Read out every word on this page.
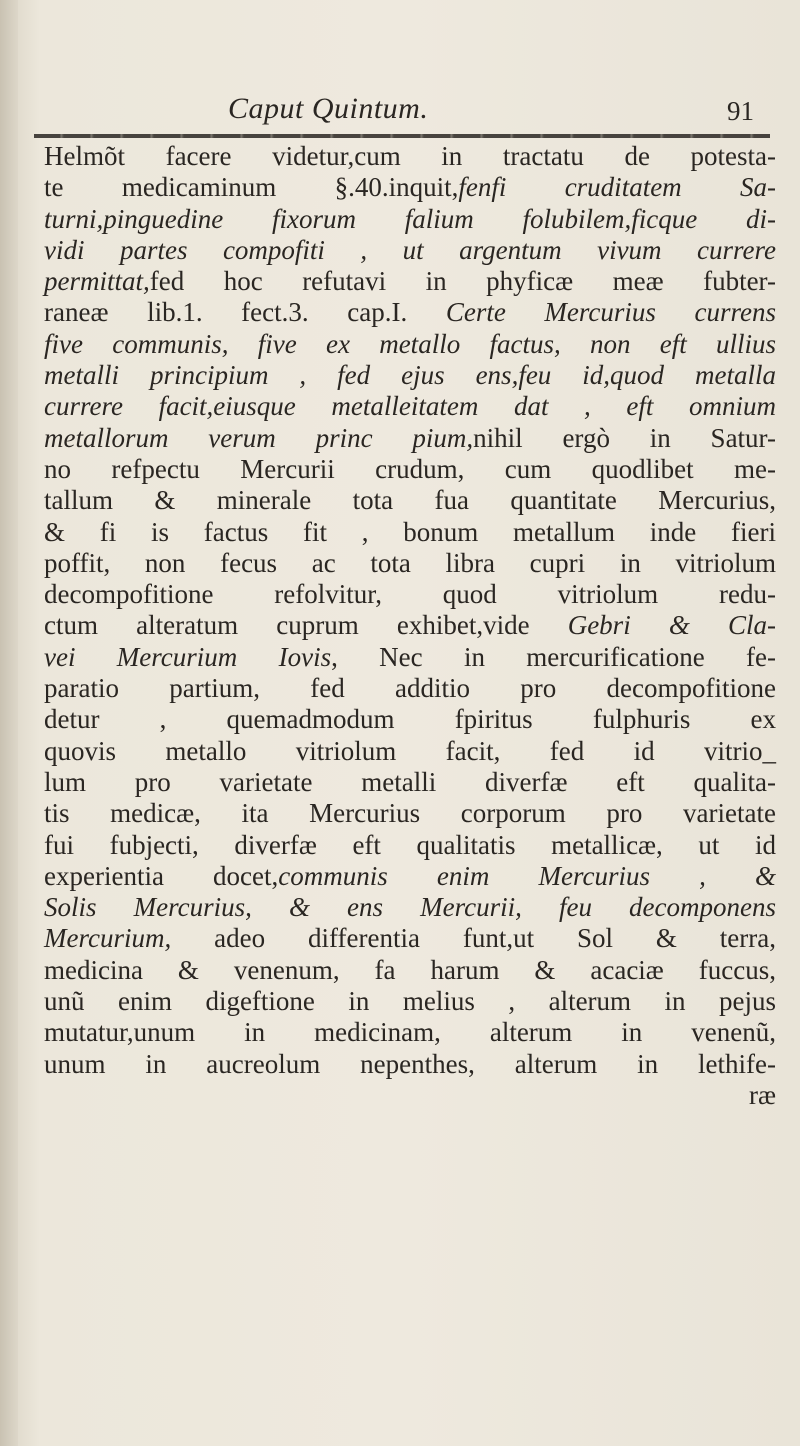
Caput Quintum.	91
Helmõt facere videtur,cum in tractatu de potesta-
te medicaminum §.40.inquit,fenfi cruditatem Sa-
turni,pinguedine fixorum falium folubilem,ficque di-
vidi partes compofiti , ut argentum vivum currere
permittat,fed hoc refutavi in phyficæ meæ fubter-
raneæ lib.1. fect.3. cap.I. Certe Mercurius currens
five communis, five ex metallo factus, non eft ullius
metalli principium , fed ejus ens,feu id,quod metalla
currere facit,eiusque metalleitatem dat , eft omnium
metallorum verum princ pium,nihil ergò in Satur-
no refpectu Mercurii crudum, cum quodlibet me-
tallum & minerale tota fua quantitate Mercurius,
& fi is factus fit , bonum metallum inde fieri
poffit, non fecus ac tota libra cupri in vitriolum
decompofitione refolvitur, quod vitriolum redu-
ctum alteratum cuprum exhibet,vide Gebri & Cla-
vei Mercurium Iovis, Nec in mercurificatione fe-
paratio partium, fed additio pro decompofitione
detur , quemadmodum fpiritus fulphuris ex
quovis metallo vitriolum facit, fed id vitrio_
lum pro varietate metalli diverfæ eft qualita-
tis medicæ, ita Mercurius corporum pro varietate
fui fubjecti, diverfæ eft qualitatis metallicæ, ut id
experientia docet,communis enim Mercurius , &
Solis Mercurius, & ens Mercurii, feu decomponens
Mercurium, adeo differentia funt,ut Sol & terra,
medicina & venenum, fa harum & acaciæ fuccus,
unũ enim digeftione in melius , alterum in pejus
mutatur,unum in medicinam, alterum in venenũ,
unum in aucreolum nepenthes, alterum in lethife-
ræ
